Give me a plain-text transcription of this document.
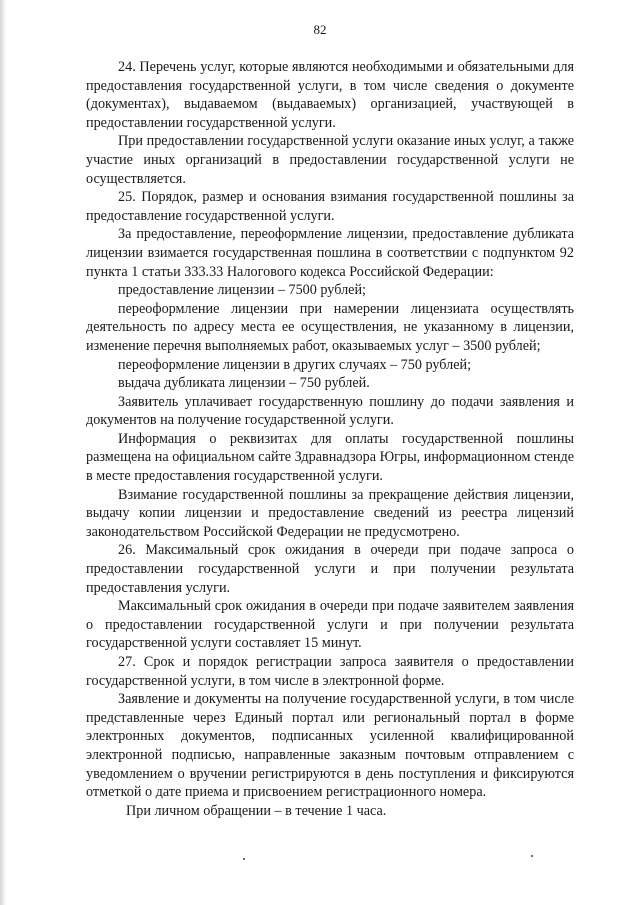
82

24. Перечень услуг, которые являются необходимыми и обязательными для предоставления государственной услуги, в том числе сведения о документе (документах), выдаваемом (выдаваемых) организацией, участвующей в предоставлении государственной услуги.

При предоставлении государственной услуги оказание иных услуг, а также участие иных организаций в предоставлении государственной услуги не осуществляется.

25. Порядок, размер и основания взимания государственной пошлины за предоставление государственной услуги.

За предоставление, переоформление лицензии, предоставление дубликата лицензии взимается государственная пошлина в соответствии с подпунктом 92 пункта 1 статьи 333.33 Налогового кодекса Российской Федерации:

предоставление лицензии – 7500 рублей;

переоформление лицензии при намерении лицензиата осуществлять деятельность по адресу места ее осуществления, не указанному в лицензии, изменение перечня выполняемых работ, оказываемых услуг – 3500 рублей;

переоформление лицензии в других случаях – 750 рублей;

выдача дубликата лицензии – 750 рублей.

Заявитель уплачивает государственную пошлину до подачи заявления и документов на получение государственной услуги.

Информация о реквизитах для оплаты государственной пошлины размещена на официальном сайте Здравнадзора Югры, информационном стенде в месте предоставления государственной услуги.

Взимание государственной пошлины за прекращение действия лицензии, выдачу копии лицензии и предоставление сведений из реестра лицензий законодательством Российской Федерации не предусмотрено.

26. Максимальный срок ожидания в очереди при подаче запроса о предоставлении государственной услуги и при получении результата предоставления услуги.

Максимальный срок ожидания в очереди при подаче заявителем заявления о предоставлении государственной услуги и при получении результата государственной услуги составляет 15 минут.

27. Срок и порядок регистрации запроса заявителя о предоставлении государственной услуги, в том числе в электронной форме.

Заявление и документы на получение государственной услуги, в том числе представленные через Единый портал или региональный портал в форме электронных документов, подписанных усиленной квалифицированной электронной подписью, направленные заказным почтовым отправлением с уведомлением о вручении регистрируются в день поступления и фиксируются отметкой о дате приема и присвоением регистрационного номера.

При личном обращении – в течение 1 часа.
